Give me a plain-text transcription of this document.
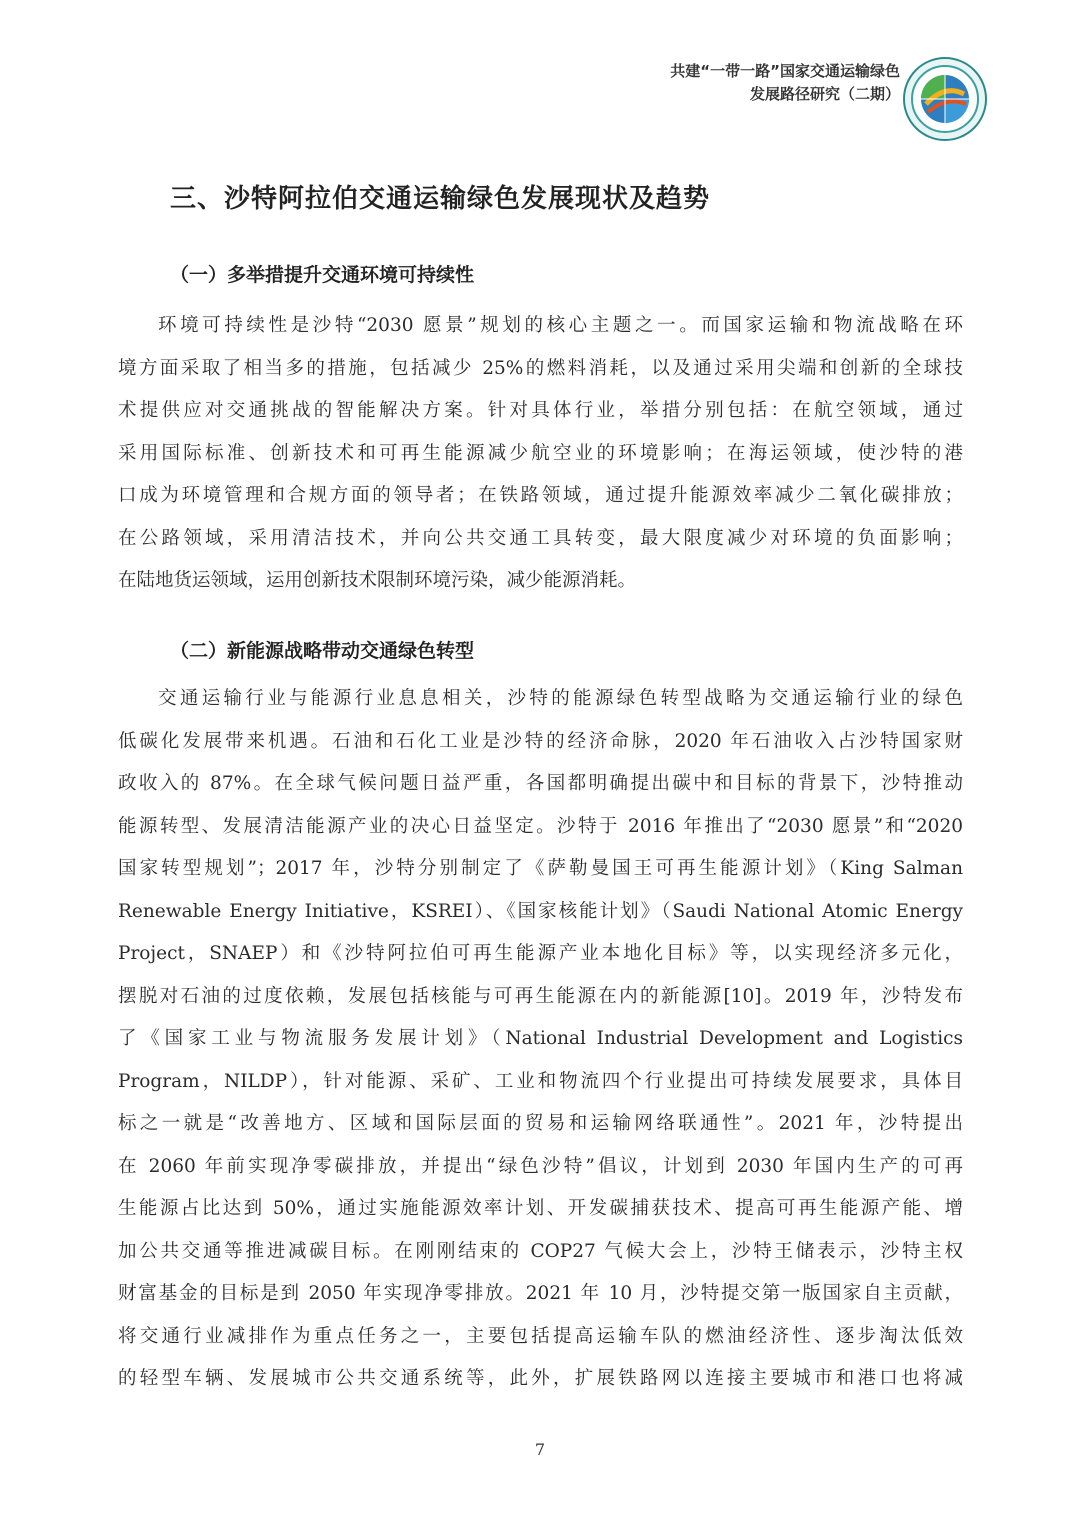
共建“一带一路”国家交通运输绿色
发展路径研究（二期）
三、沙特阿拉伯交通运输绿色发展现状及趋势
（一）多举措提升交通环境可持续性
环境可持续性是沙特“2030 愿景”规划的核心主题之一。而国家运输和物流战略在环
境方面采取了相当多的措施，包括减少 25%的燃料消耗，以及通过采用尖端和创新的全球技
术提供应对交通挑战的智能解决方案。针对具体行业，举措分别包括：在航空领域，通过
采用国际标准、创新技术和可再生能源减少航空业的环境影响；在海运领域，使沙特的港
口成为环境管理和合规方面的领导者；在铁路领域，通过提升能源效率减少二氧化碳排放；
在公路领域，采用清洁技术，并向公共交通工具转变，最大限度减少对环境的负面影响；
在陆地货运领域，运用创新技术限制环境污染，减少能源消耗。
（二）新能源战略带动交通绿色转型
交通运输行业与能源行业息息相关，沙特的能源绿色转型战略为交通运输行业的绿色
低碳化发展带来机遇。石油和石化工业是沙特的经济命脉，2020 年石油收入占沙特国家财
政收入的 87%。在全球气候问题日益严重，各国都明确提出碳中和目标的背景下，沙特推动
能源转型、发展清洁能源产业的决心日益坚定。沙特于 2016 年推出了“2030 愿景”和“2020
国家转型规划”；2017 年，沙特分别制定了《萨勒曼国王可再生能源计划》（King Salman
Renewable Energy Initiative，KSREI）、《国家核能计划》（Saudi National Atomic Energy
Project，SNAEP）和《沙特阿拉伯可再生能源产业本地化目标》等，以实现经济多元化，
摆脱对石油的过度依赖，发展包括核能与可再生能源在内的新能源[10]。2019 年，沙特发布
了《国家工业与物流服务发展计划》（National Industrial Development and Logistics
Program，NILDP），针对能源、采矿、工业和物流四个行业提出可持续发展要求，具体目
标之一就是“改善地方、区域和国际层面的贸易和运输网络联通性”。2021 年，沙特提出
在 2060 年前实现净零碳排放，并提出“绿色沙特”倡议，计划到 2030 年国内生产的可再
生能源占比达到 50%，通过实施能源效率计划、开发碳捕获技术、提高可再生能源产能、增
加公共交通等推进减碳目标。在刚刚结束的 COP27 气候大会上，沙特王储表示，沙特主权
财富基金的目标是到 2050 年实现净零排放。2021 年 10 月，沙特提交第一版国家自主贡献，
将交通行业减排作为重点任务之一，主要包括提高运输车队的燃油经济性、逐步淘汰低效
的轻型车辆、发展城市公共交通系统等，此外，扩展铁路网以连接主要城市和港口也将减
7
